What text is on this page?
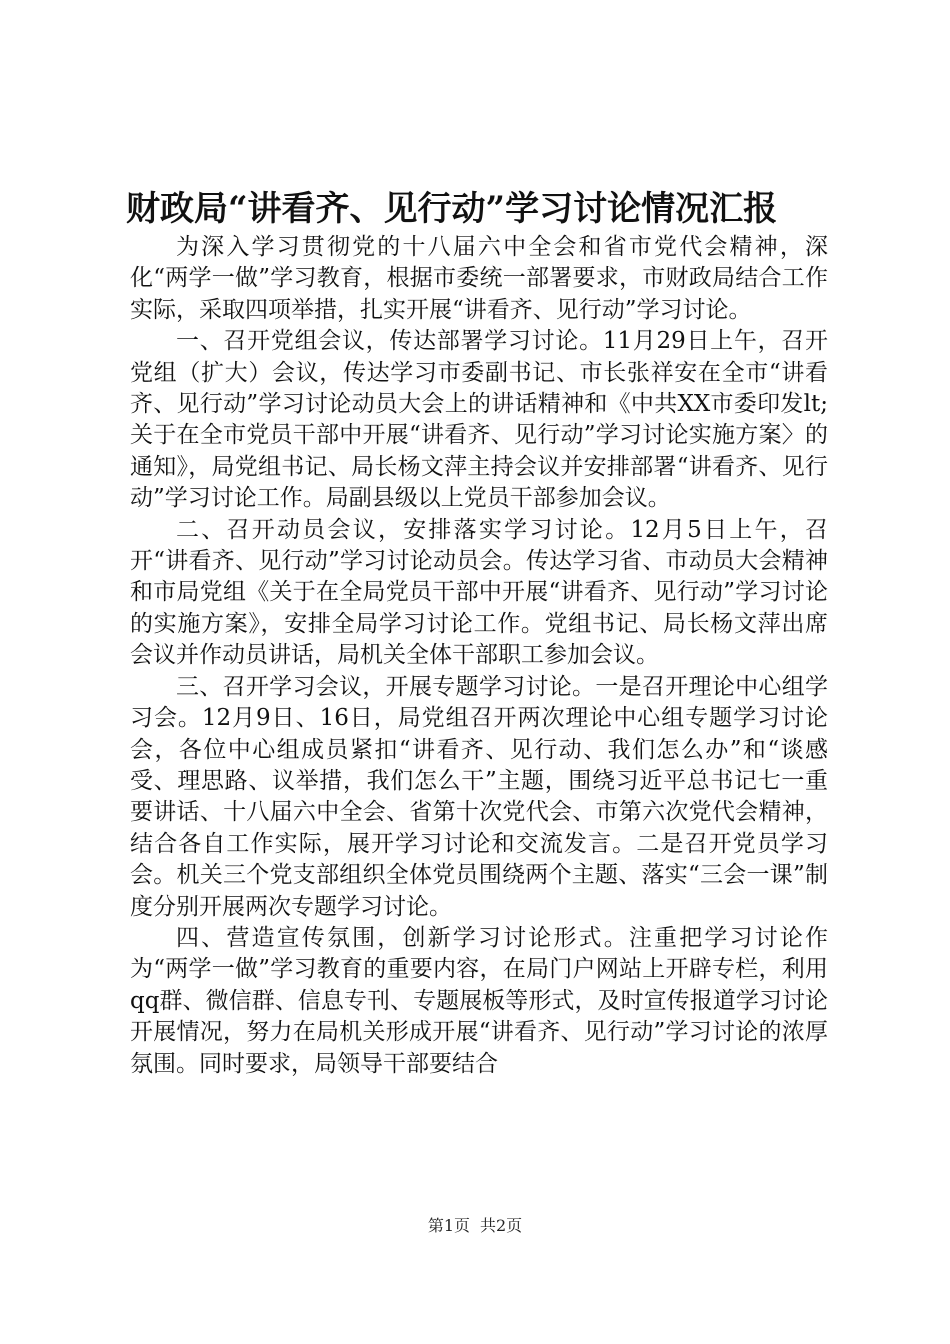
财政局“讲看齐、见行动”学习讨论情况汇报

为深入学习贯彻党的十八届六中全会和省市党代会精神，深化“两学一做”学习教育，根据市委统一部署要求，市财政局结合工作实际，采取四项举措，扎实开展“讲看齐、见行动”学习讨论。

一、召开党组会议，传达部署学习讨论。11月29日上午，召开党组（扩大）会议，传达学习市委副书记、市长张祥安在全市“讲看齐、见行动”学习讨论动员大会上的讲话精神和《中共XX市委印发lt;关于在全市党员干部中开展“讲看齐、见行动”学习讨论实施方案〉的通知》，局党组书记、局长杨文萍主持会议并安排部署“讲看齐、见行动”学习讨论工作。局副县级以上党员干部参加会议。

二、召开动员会议，安排落实学习讨论。12月5日上午，召开“讲看齐、见行动”学习讨论动员会。传达学习省、市动员大会精神和市局党组《关于在全局党员干部中开展“讲看齐、见行动”学习讨论的实施方案》，安排全局学习讨论工作。党组书记、局长杨文萍出席会议并作动员讲话，局机关全体干部职工参加会议。

三、召开学习会议，开展专题学习讨论。一是召开理论中心组学习会。12月9日、16日，局党组召开两次理论中心组专题学习讨论会，各位中心组成员紧扣“讲看齐、见行动、我们怎么办”和“谈感受、理思路、议举措，我们怎么干”主题，围绕习近平总书记七一重要讲话、十八届六中全会、省第十次党代会、市第六次党代会精神，结合各自工作实际，展开学习讨论和交流发言。二是召开党员学习会。机关三个党支部组织全体党员围绕两个主题、落实“三会一课”制度分别开展两次专题学习讨论。

四、营造宣传氛围，创新学习讨论形式。注重把学习讨论作为“两学一做”学习教育的重要内容，在局门户网站上开辟专栏，利用qq群、微信群、信息专刊、专题展板等形式，及时宣传报道学习讨论开展情况，努力在局机关形成开展“讲看齐、见行动”学习讨论的浓厚氛围。同时要求，局领导干部要结合

第1页 共2页
